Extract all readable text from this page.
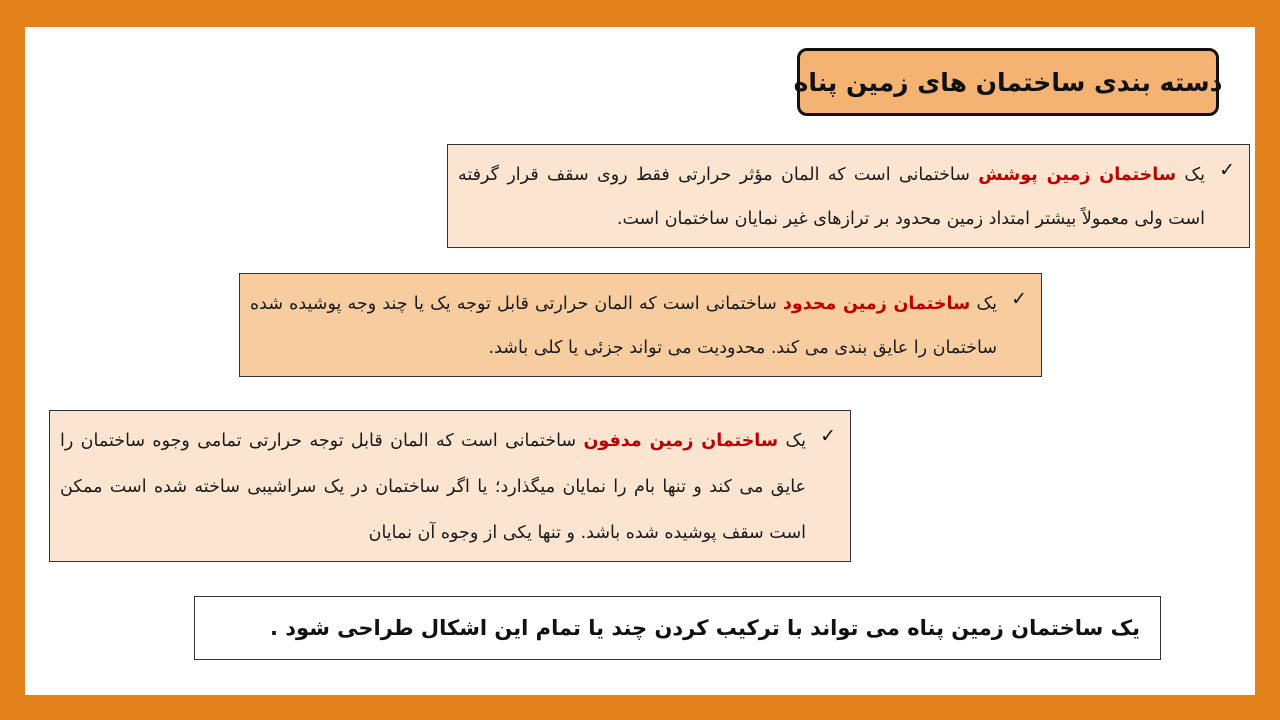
دسته بندی ساختمان های زمین پناه
✓
یک ساختمان زمین پوشش ساختمانی است که المان مؤثر حرارتی فقط روی سقف قرار گرفته است ولی معمولاً بیشتر امتداد زمین محدود بر ترازهای غیر نمایان ساختمان است.
✓
یک ساختمان زمین محدود ساختمانی است که المان حرارتی قابل توجه یک یا چند وجه پوشیده شده ساختمان را عایق بندی می کند. محدودیت می تواند جزئی یا کلی باشد.
✓
یک ساختمان زمین مدفون ساختمانی است که المان قابل توجه حرارتی تمامی وجوه ساختمان را عایق می کند و تنها بام را نمایان میگذارد؛ یا اگر ساختمان در یک سراشیبی ساخته شده است ممکن است سقف پوشیده شده باشد. و تنها یکی از وجوه آن نمایان
یک ساختمان زمین پناه می تواند با ترکیب کردن چند یا تمام این اشکال طراحی شود .
